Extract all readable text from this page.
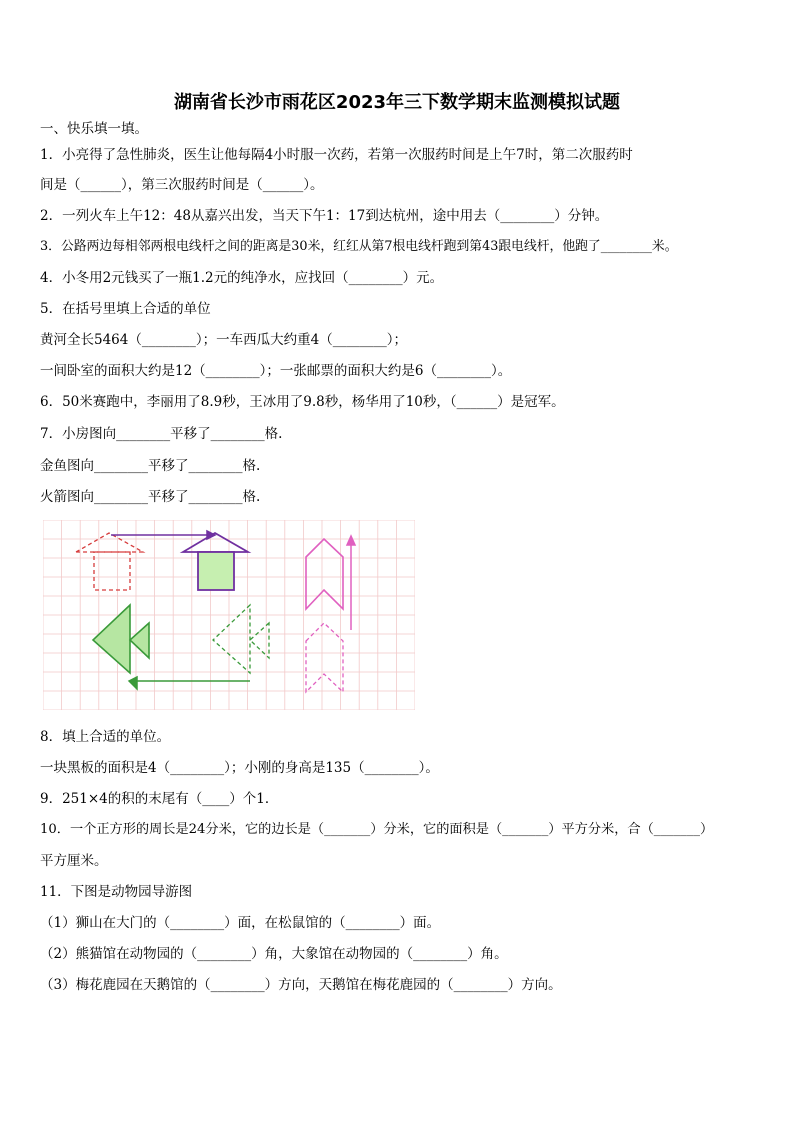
湖南省长沙市雨花区2023年三下数学期末监测模拟试题
一、快乐填一填。
1．小亮得了急性肺炎，医生让他每隔4小时服一次药，若第一次服药时间是上午7时，第二次服药时
间是（______），第三次服药时间是（______）。
2．一列火车上午12：48从嘉兴出发，当天下午1：17到达杭州，途中用去（________）分钟。
3．公路两边每相邻两根电线杆之间的距离是30米，红红从第7根电线杆跑到第43跟电线杆，他跑了________米。
4．小冬用2元钱买了一瓶1.2元的纯净水，应找回（________）元。
5．在括号里填上合适的单位
黄河全长5464（________）；一车西瓜大约重4（________）；
一间卧室的面积大约是12（________）；一张邮票的面积大约是6（________）。
6．50米赛跑中，李丽用了8.9秒，王冰用了9.8秒，杨华用了10秒，（______）是冠军。
7．小房图向________平移了________格.
金鱼图向________平移了________格.
火箭图向________平移了________格.
8．填上合适的单位。
一块黑板的面积是4（________）；小刚的身高是135（________）。
9．251×4的积的末尾有（____）个1．
10．一个正方形的周长是24分米，它的边长是（_______）分米，它的面积是（_______）平方分米，合（_______）
平方厘米。
11．下图是动物园导游图
（1）狮山在大门的（________）面，在松鼠馆的（________）面。
（2）熊猫馆在动物园的（________）角，大象馆在动物园的（________）角。
（3）梅花鹿园在天鹅馆的（________）方向，天鹅馆在梅花鹿园的（________）方向。
